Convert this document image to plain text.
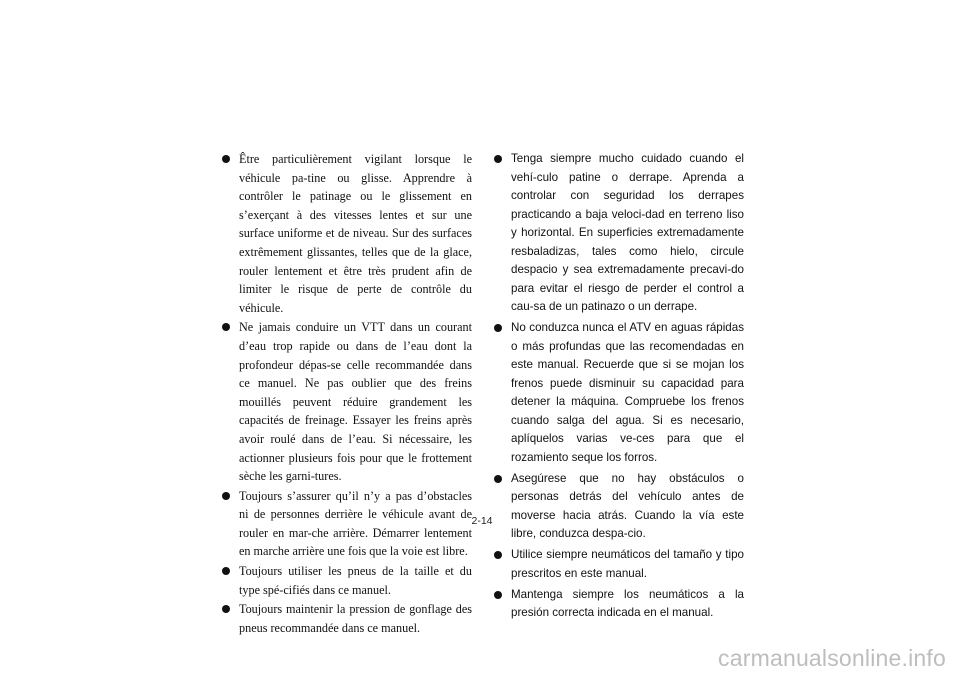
Être particulièrement vigilant lorsque le véhicule pa-tine ou glisse. Apprendre à contrôler le patinage ou le glissement en s’exerçant à des vitesses lentes et sur une surface uniforme et de niveau. Sur des surfaces extrêmement glissantes, telles que de la glace, rouler lentement et être très prudent afin de limiter le risque de perte de contrôle du véhicule.
Ne jamais conduire un VTT dans un courant d’eau trop rapide ou dans de l’eau dont la profondeur dépas-se celle recommandée dans ce manuel. Ne pas oublier que des freins mouillés peuvent réduire grandement les capacités de freinage. Essayer les freins après avoir roulé dans de l’eau. Si nécessaire, les actionner plusieurs fois pour que le frottement sèche les garni-tures.
Toujours s’assurer qu’il n’y a pas d’obstacles ni de personnes derrière le véhicule avant de rouler en mar-che arrière. Démarrer lentement en marche arrière une fois que la voie est libre.
Toujours utiliser les pneus de la taille et du type spé-cifiés dans ce manuel.
Toujours maintenir la pression de gonflage des pneus recommandée dans ce manuel.
Tenga siempre mucho cuidado cuando el vehí-culo patine o derrape. Aprenda a controlar con seguridad los derrapes practicando a baja veloci-dad en terreno liso y horizontal. En superficies extremadamente resbaladizas, tales como hielo, circule despacio y sea extremadamente precavi-do para evitar el riesgo de perder el control a cau-sa de un patinazo o un derrape.
No conduzca nunca el ATV en aguas rápidas o más profundas que las recomendadas en este manual. Recuerde que si se mojan los frenos puede disminuir su capacidad para detener la máquina. Compruebe los frenos cuando salga del agua. Si es necesario, aplíquelos varias ve-ces para que el rozamiento seque los forros.
Asegúrese que no hay obstáculos o personas detrás del vehículo antes de moverse hacia atrás. Cuando la vía este libre, conduzca despa-cio.
Utilice siempre neumáticos del tamaño y tipo prescritos en este manual.
Mantenga siempre los neumáticos a la presión correcta indicada en el manual.
2-14
carmanualsonline.info
